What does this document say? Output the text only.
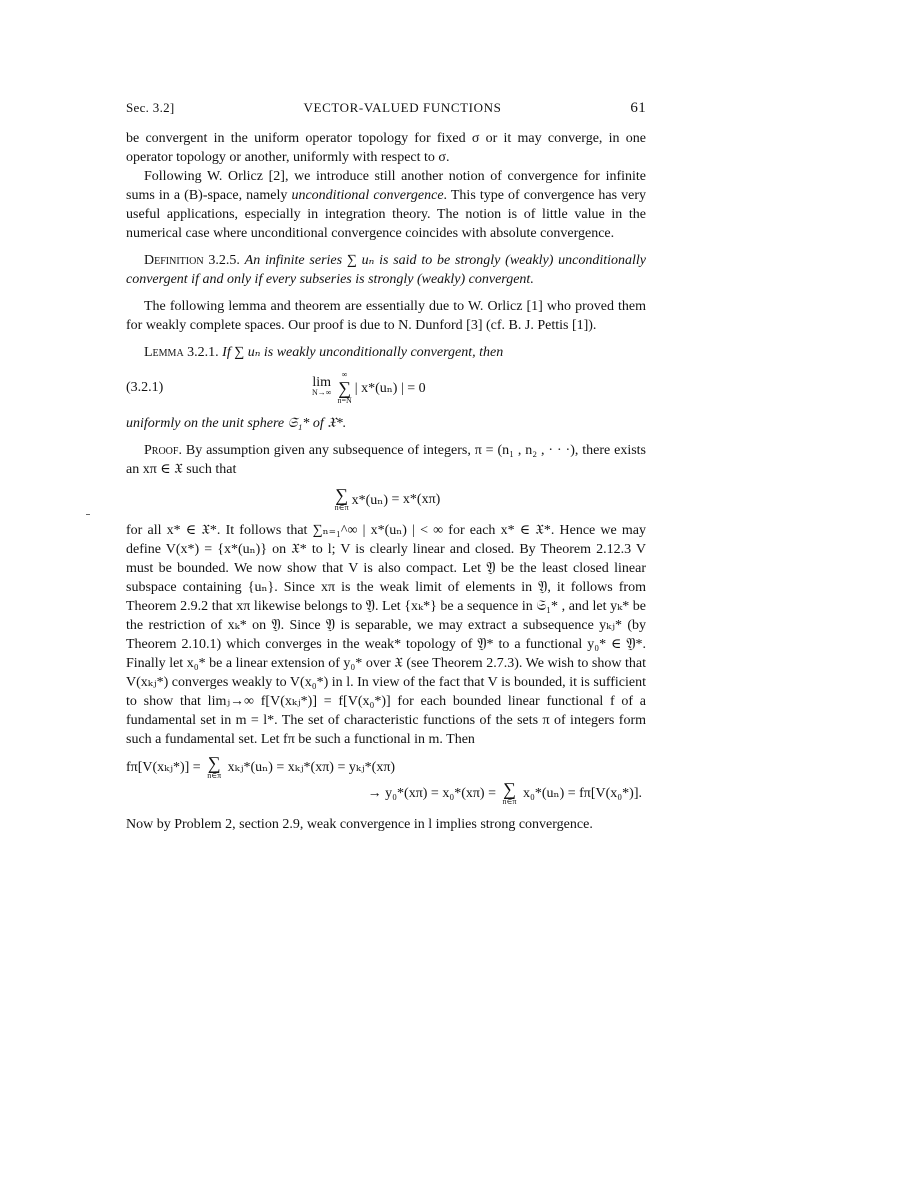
Sec. 3.2]	VECTOR-VALUED FUNCTIONS	61

be convergent in the uniform operator topology for fixed σ or it may converge, in one operator topology or another, uniformly with respect to σ.

Following W. Orlicz [2], we introduce still another notion of convergence for infinite sums in a (B)-space, namely unconditional convergence. This type of convergence has very useful applications, especially in integration theory. The notion is of little value in the numerical case where unconditional convergence coincides with absolute convergence.

Definition 3.2.5. An infinite series ∑ uₙ is said to be strongly (weakly) unconditionally convergent if and only if every subseries is strongly (weakly) convergent.

The following lemma and theorem are essentially due to W. Orlicz [1] who proved them for weakly complete spaces. Our proof is due to N. Dunford [3] (cf. B. J. Pettis [1]).

Lemma 3.2.1. If ∑ uₙ is weakly unconditionally convergent, then

(3.2.1)	lim
N→∞
∞
∑
n=N
| x*(uₙ) | = 0

uniformly on the unit sphere 𝔖₁* of 𝔛*.

Proof. By assumption given any subsequence of integers, π = (n₁ , n₂ , · · ·), there exists an xπ ∈ 𝔛 such that

∑
n∈π x*(uₙ)
= x*(xπ)

for all x* ∈ 𝔛*. It follows that ∑ₙ₌₁^∞ | x*(uₙ) | < ∞ for each x* ∈ 𝔛*. Hence we may define V(x*) = {x*(uₙ)} on 𝔛* to l; V is clearly linear and closed. By Theorem 2.12.3 V must be bounded. We now show that V is also compact. Let 𝔜 be the least closed linear subspace containing {uₙ}. Since xπ is the weak limit of elements in 𝔜, it follows from Theorem 2.9.2 that xπ likewise belongs to 𝔜. Let {xₖ*} be a sequence in 𝔖₁* , and let yₖ* be the restriction of xₖ* on 𝔜. Since 𝔜 is separable, we may extract a subsequence yₖⱼ* (by Theorem 2.10.1) which converges in the weak* topology of 𝔜* to a functional y₀* ∈ 𝔜*. Finally let x₀* be a linear extension of y₀* over 𝔛 (see Theorem 2.7.3). We wish to show that V(xₖⱼ*) converges weakly to V(x₀*) in l. In view of the fact that V is bounded, it is sufficient to show that limⱼ→∞ f[V(xₖⱼ*)] = f[V(x₀*)] for each bounded linear functional f of a fundamental set in m = l*. The set of characteristic functions of the sets π of integers form such a fundamental set. Let fπ be such a functional in m. Then

fπ[V(xₖⱼ*)] = ∑
n∈π
xₖⱼ*(uₙ) = xₖⱼ*(xπ) = yₖⱼ*(xπ)
→ y₀*(xπ) = x₀*(xπ) = ∑
n∈π
x₀*(uₙ) = fπ[V(x₀*)].

Now by Problem 2, section 2.9, weak convergence in l implies strong convergence.
